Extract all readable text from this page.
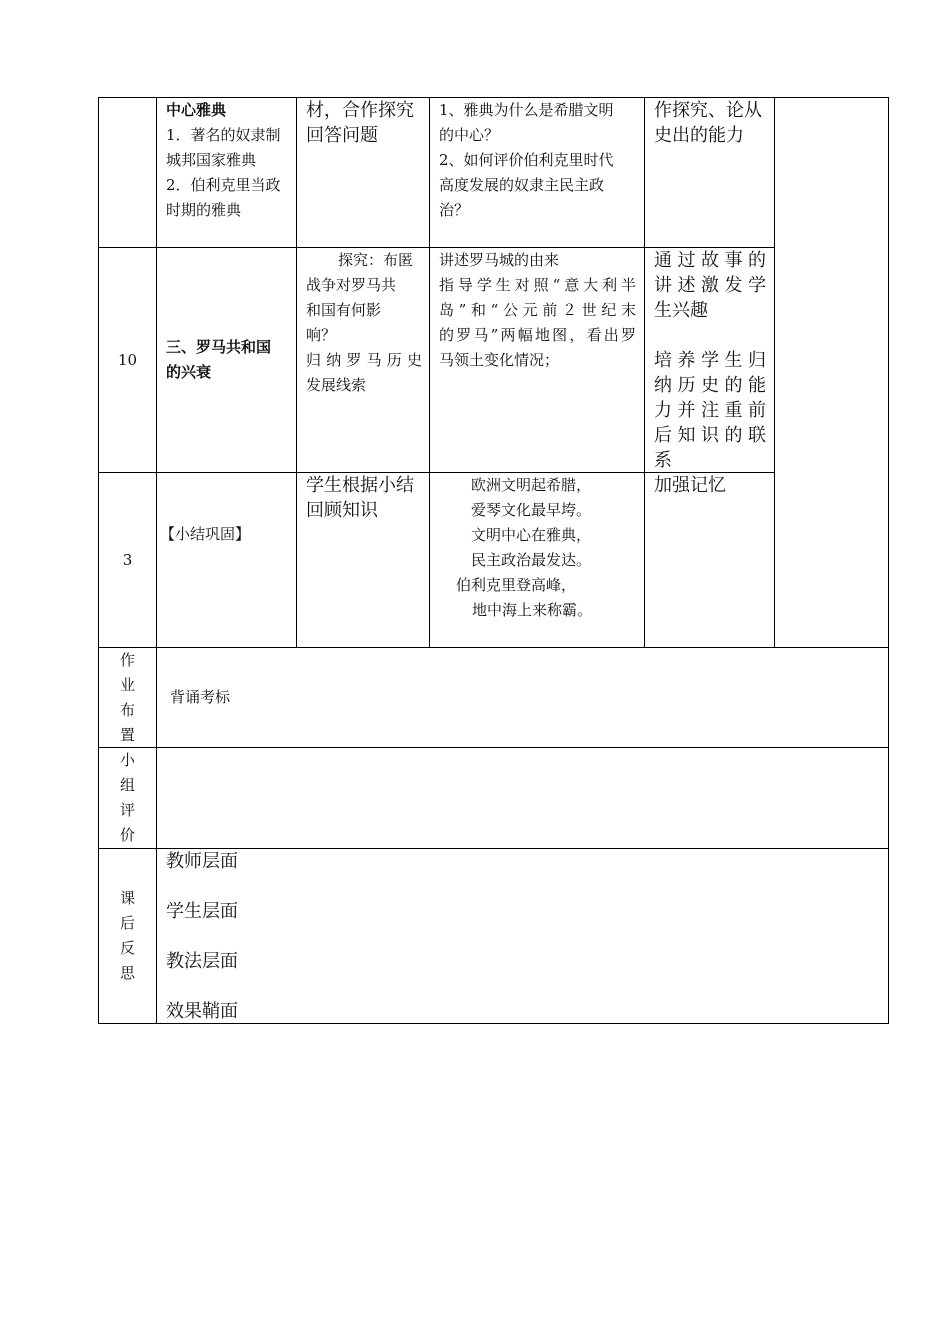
中心雅典
1．著名的奴隶制
城邦国家雅典
2．伯利克里当政
时期的雅典
材，合作探究
回答问题
1、雅典为什么是希腊文明
的中心？
2、如何评价伯利克里时代
高度发展的奴隶主民主政
治？
作探究、论从
史出的能力
10
三、罗马共和国
的兴衰
探究：布匿
战争对罗马共
和国有何影
响？
归纳罗马历史
发展线索
讲述罗马城的由来
指导学生对照“意大利半
岛”和“公元前２世纪末
的罗马”两幅地图，看出罗
马领土变化情况；
通过故事的
讲述激发学
生兴趣
培养学生归
纳历史的能
力并注重前
后知识的联
系
3
【小结巩固】
学生根据小结
回顾知识
欧洲文明起希腊，
爱琴文化最早垮。
文明中心在雅典，
民主政治最发达。
伯利克里登高峰，
地中海上来称霸。
加强记忆
作
业
布
置
背诵考标
小
组
评
价
课
后
反
思
教师层面
学生层面
教法层面
效果鞘面
